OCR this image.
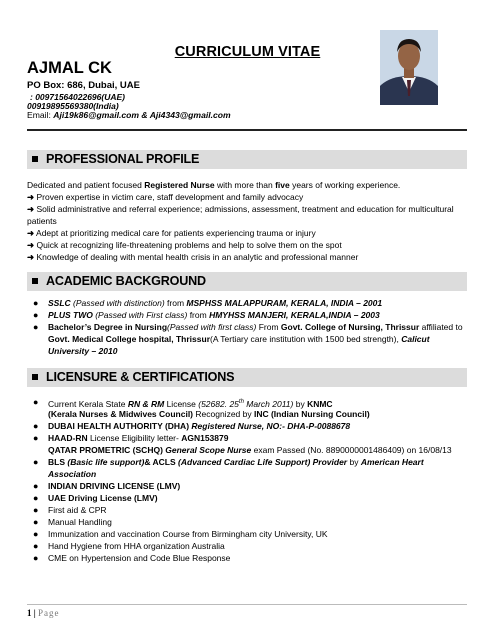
CURRICULUM VITAE
AJMAL CK
PO Box: 686, Dubai, UAE
: 00971564022696(UAE)
00919895569380(India)
Email: Aji19k86@gmail.com & Aji4343@gmail.com
PROFESSIONAL PROFILE
Dedicated and patient focused Registered Nurse with more than five years of working experience.
➜ Proven expertise in victim care, staff development and family advocacy
➜ Solid administrative and referral experience; admissions, assessment, treatment and education for multicultural
patients
➜ Adept at prioritizing medical care for patients experiencing trauma or injury
➜ Quick at recognizing life-threatening problems and help to solve them on the spot
➜ Knowledge of dealing with mental health crisis in an analytic and professional manner
ACADEMIC BACKGROUND
● SSLC (Passed with distinction) from MSPHSS MALAPPURAM, KERALA, INDIA – 2001
● PLUS TWO (Passed with First class) from HMYHSS MANJERI, KERALA,INDIA – 2003
● Bachelor’s Degree in Nursing(Passed with first class) From Govt. College of Nursing, Thrissur affiliated to
Govt. Medical College hospital, Thrissur(A Tertiary care institution with 1500 bed strength), Calicut
University – 2010
LICENSURE & CERTIFICATIONS
● Current Kerala State RN & RM License (52682. 25th March 2011) by KNMC
(Kerala Nurses & Midwives Council) Recognized by INC (Indian Nursing Council)
● DUBAI HEALTH AUTHORITY (DHA) Registered Nurse, NO:- DHA-P-0088678
● HAAD-RN License Eligibility letter- AGN153879
QATAR PROMETRIC (SCHQ) General Scope Nurse exam Passed (No. 8890000001486409) on 16/08/13
● BLS (Basic life support)& ACLS (Advanced Cardiac Life Support) Provider by American Heart
Association
● INDIAN DRIVING LICENSE (LMV)
● UAE Driving License (LMV)
● First aid & CPR
● Manual Handling
● Immunization and vaccination Course from Birmingham city University, UK
● Hand Hygiene from HHA organization Australia
● CME on Hypertension and Code Blue Response
1 | Page
